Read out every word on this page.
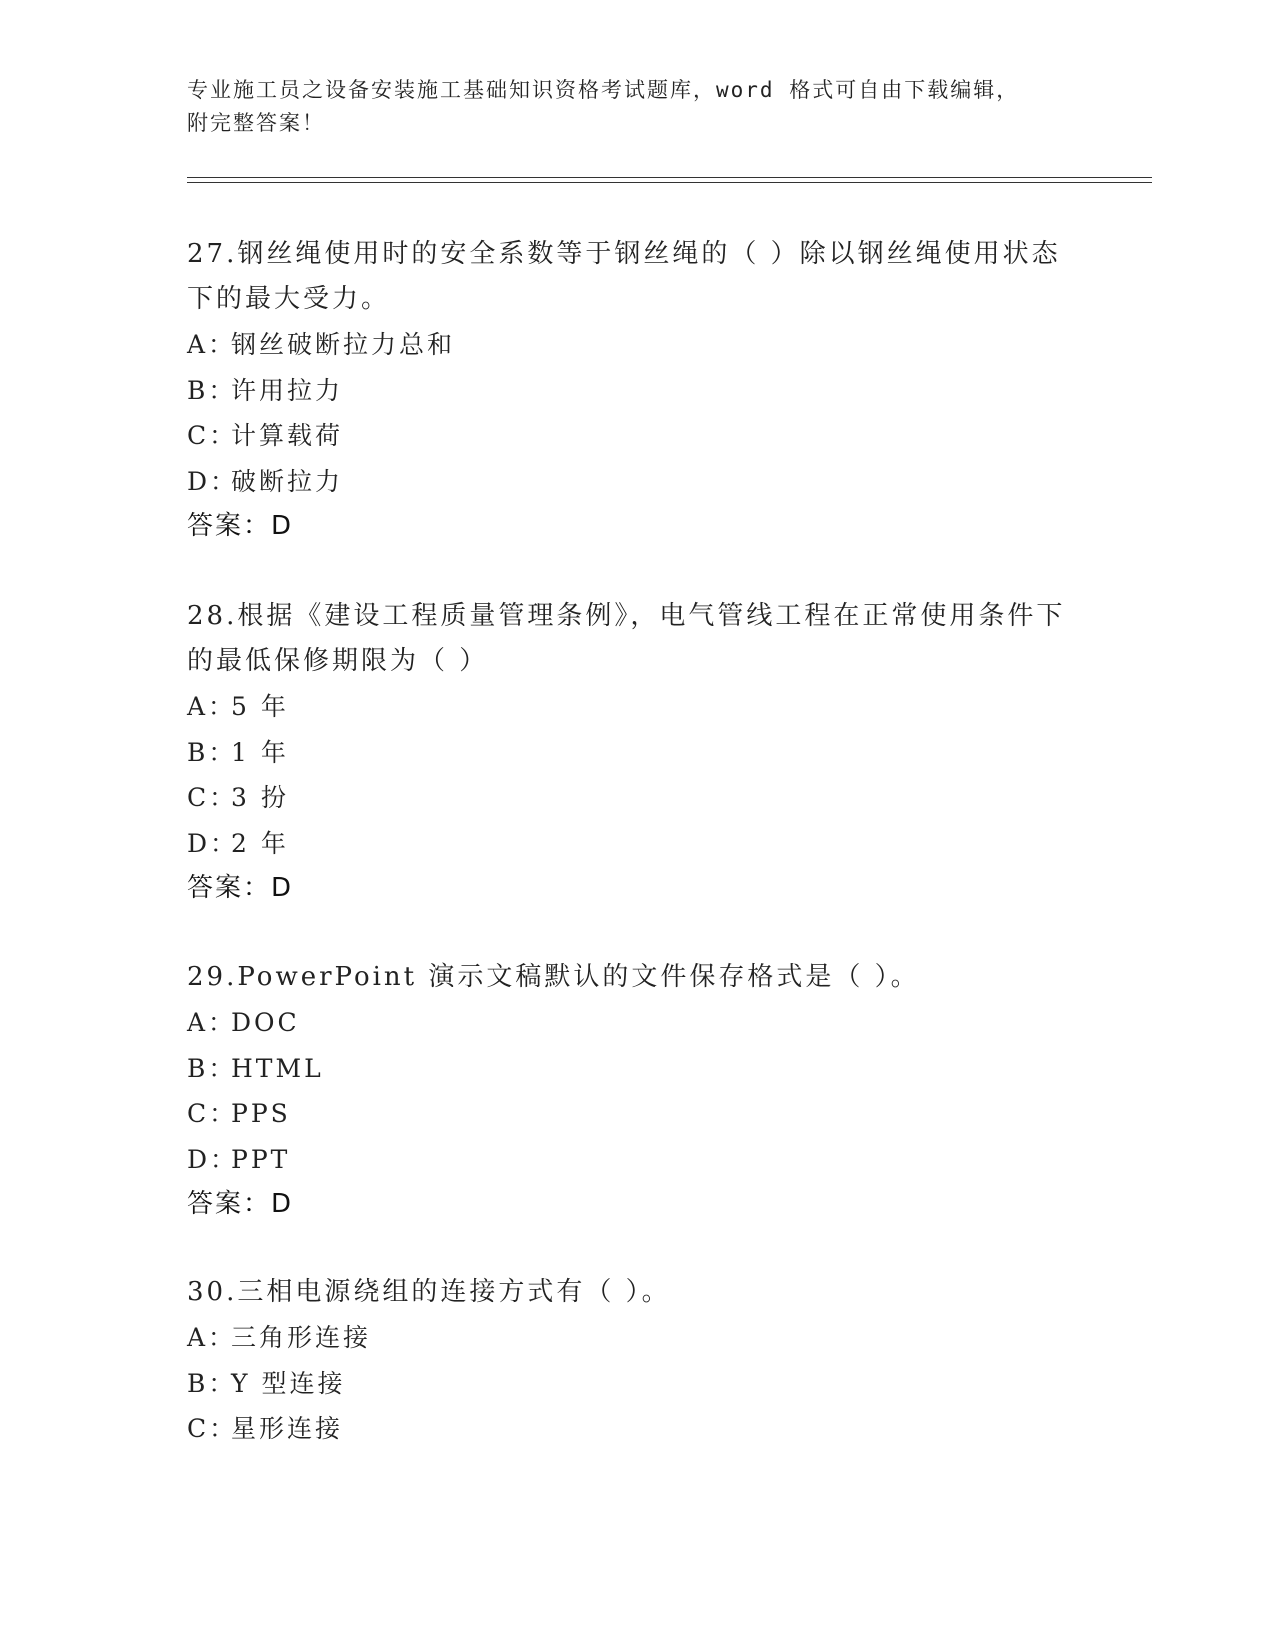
专业施工员之设备安装施工基础知识资格考试题库，word 格式可自由下载编辑，
附完整答案！
27.钢丝绳使用时的安全系数等于钢丝绳的（ ）除以钢丝绳使用状态
下的最大受力。
A：钢丝破断拉力总和
B：许用拉力
C：计算载荷
D：破断拉力
答案：D
28.根据《建设工程质量管理条例》，电气管线工程在正常使用条件下
的最低保修期限为（ ）
A：5 年
B：1 年
C：3 扮
D：2 年
答案：D
29.PowerPoint 演示文稿默认的文件保存格式是（ ）。
A：DOC
B：HTML
C：PPS
D：PPT
答案：D
30.三相电源绕组的连接方式有（ ）。
A：三角形连接
B：Y 型连接
C：星形连接
